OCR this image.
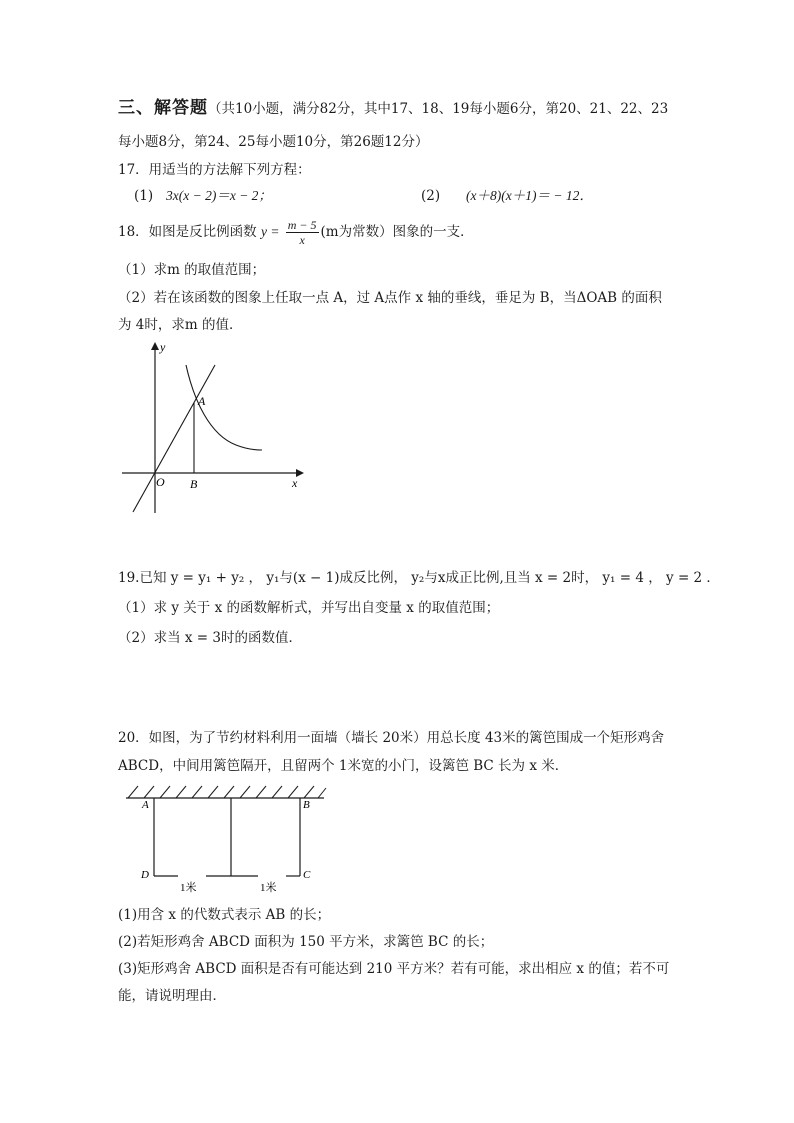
三、解答题（共10小题，满分82分，其中17、18、19每小题6分，第20、21、22、23
每小题8分，第24、25每小题10分，第26题12分）
17．用适当的方法解下列方程：
(1) 3x(x − 2)＝x − 2；	(2) (x＋8)(x＋1)＝ − 12．
18．如图是反比例函数 $y = \frac{m - 5}{x} (m$为常数）图象的一支．
（1）求m 的取值范围；
（2）若在该函数的图象上任取一点 A，过 A点作 x 轴的垂线，垂足为 B，当ΔOAB 的面积
为 4时，求m 的值．
y
x
O B
A
19.已知 y = y₁ + y₂ ， y₁与(x − 1)成反比例， y₂与x成正比例,且当 x = 2时， y₁ = 4 ， y = 2 ．
（1）求 y 关于 x 的函数解析式，并写出自变量 x 的取值范围；
（2）求当 x = 3时的函数值．
20．如图，为了节约材料利用一面墙（墙长 20米）用总长度 43米的篱笆围成一个矩形鸡舍
ABCD，中间用篱笆隔开，且留两个 1米宽的小门，设篱笆 BC 长为 x 米．
A	B
C
D
1米	1米
(1)用含 x 的代数式表示 AB 的长；
(2)若矩形鸡舍 ABCD 面积为 150 平方米，求篱笆 BC 的长；
(3)矩形鸡舍 ABCD 面积是否有可能达到 210 平方米？若有可能，求出相应 x 的值；若不可
能，请说明理由．
